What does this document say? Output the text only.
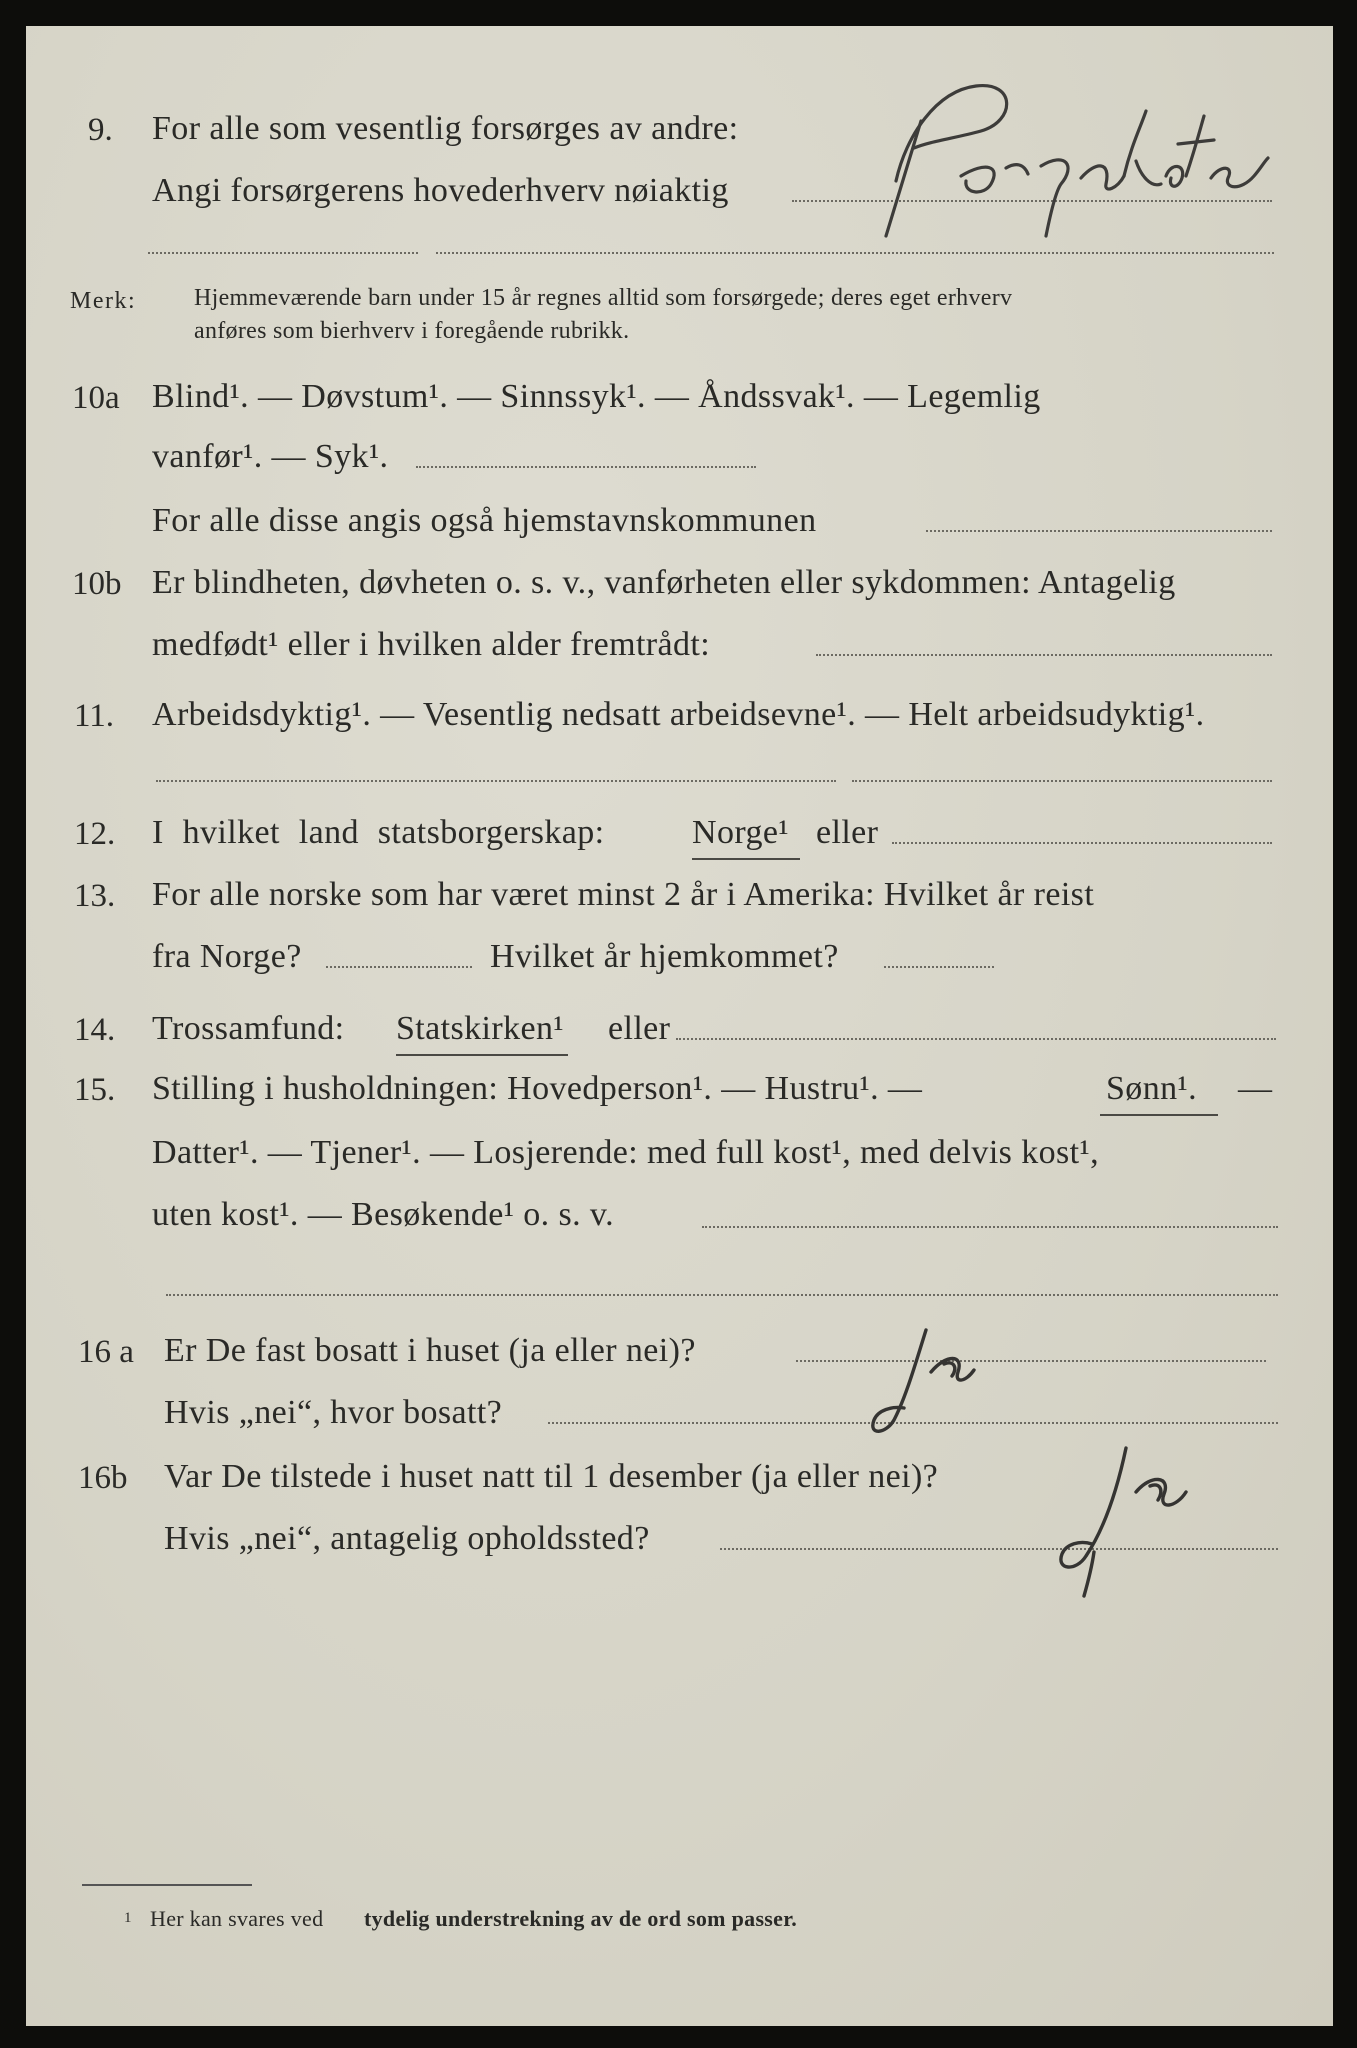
9. For alle som vesentlig forsørges av andre:
Angi forsørgerens hovederhverv nøiaktig
Merk: Hjemmeværende barn under 15 år regnes alltid som forsørgede; deres eget erhverv
anføres som bierhverv i foregående rubrikk.
10a Blind¹. — Døvstum¹. — Sinnssyk¹. — Åndssvak¹. — Legemlig
vanfør¹. — Syk¹.
For alle disse angis også hjemstavnskommunen
10b Er blindheten, døvheten o. s. v., vanførheten eller sykdommen: Antagelig
medfødt¹ eller i hvilken alder fremtrådt:
11. Arbeidsdyktig¹. — Vesentlig nedsatt arbeidsevne¹. — Helt arbeidsudyktig¹.
12. I hvilket land statsborgerskap:	Norge¹ eller
13. For alle norske som har været minst 2 år i Amerika: Hvilket år reist
fra Norge?	Hvilket år hjemkommet?
14. Trossamfund: Statskirken¹ eller
15. Stilling i husholdningen: Hovedperson¹. — Hustru¹. —	Sønn¹. —
Datter¹. — Tjener¹. — Losjerende: med full kost¹, med delvis kost¹,
uten kost¹. — Besøkende¹ o. s. v.
16 a Er De fast bosatt i huset (ja eller nei)?
Hvis „nei“, hvor bosatt?
16b Var De tilstede i huset natt til 1 desember (ja eller nei)?
Hvis „nei“, antagelig opholdssted?
1 Her kan svares ved tydelig understrekning av de ord som passer.
